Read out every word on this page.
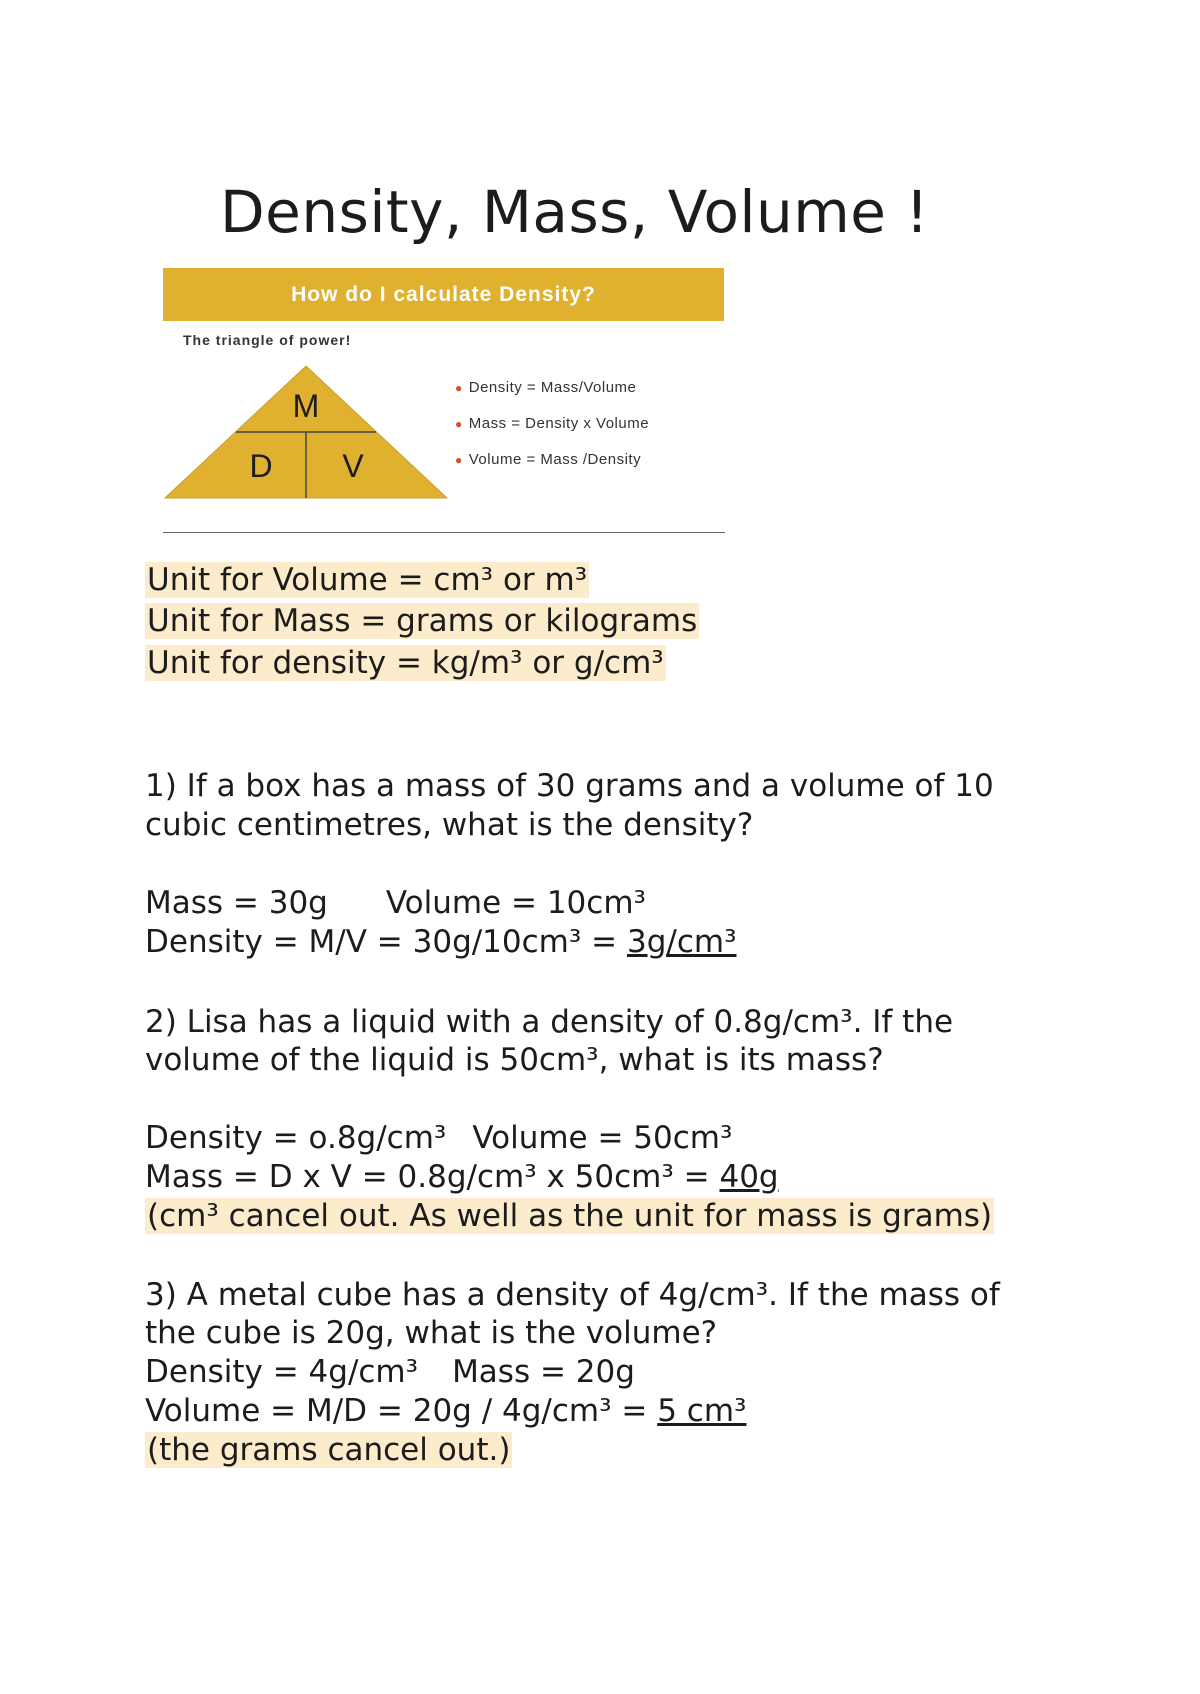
Density, Mass, Volume !
How do I calculate Density?
The triangle of power!
M
D V
● Density = Mass/Volume
● Mass = Density x Volume
● Volume = Mass /Density
Unit for Volume = cm³ or m³
Unit for Mass = grams or kilograms
Unit for density = kg/m³ or g/cm³
1) If a box has a mass of 30 grams and a volume of 10
cubic centimetres, what is the density?
Mass = 30g Volume = 10cm³
Density = M/V = 30g/10cm³ = 3g/cm³
2) Lisa has a liquid with a density of 0.8g/cm³. If the
volume of the liquid is 50cm³, what is its mass?
Density = o.8g/cm³ Volume = 50cm³
Mass = D x V = 0.8g/cm³ x 50cm³ = 40g
(cm³ cancel out. As well as the unit for mass is grams)
3) A metal cube has a density of 4g/cm³. If the mass of
the cube is 20g, what is the volume?
Density = 4g/cm³ Mass = 20g
Volume = M/D = 20g / 4g/cm³ = 5 cm³
(the grams cancel out.)
